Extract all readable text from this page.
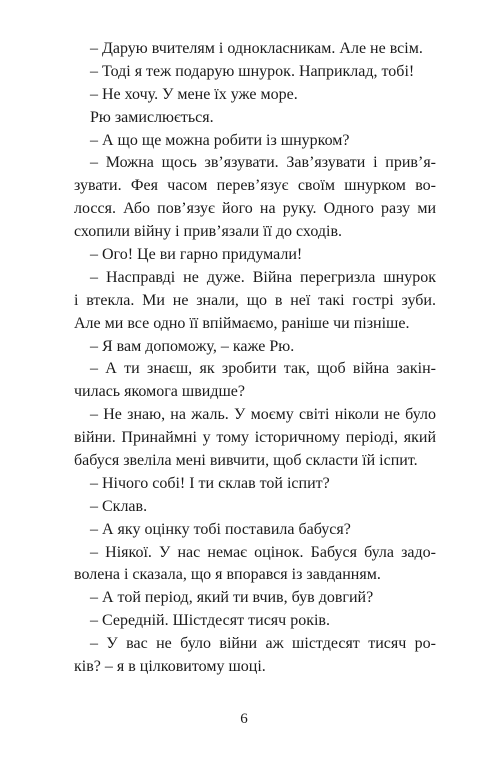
– Дарую вчителям і однокласникам. Але не всім.
– Тоді я теж подарую шнурок. Наприклад, тобі!
– Не хочу. У мене їх уже море.
Рю замислюється.
– А що ще можна робити із шнурком?
– Можна щось зв’язувати. Зав’язувати і прив’я-
зувати. Фея часом перев’язує своїм шнурком во-
лосся. Або пов’язує його на руку. Одного разу ми
схопили війну і прив’язали її до сходів.
– Ого! Це ви гарно придумали!
– Насправді не дуже. Війна перегризла шнурок
і втекла. Ми не знали, що в неї такі гострі зуби.
Але ми все одно її впіймаємо, раніше чи пізніше.
– Я вам допоможу, – каже Рю.
– А ти знаєш, як зробити так, щоб війна закін-
чилась якомога швидше?
– Не знаю, на жаль. У моєму світі ніколи не було
війни. Принаймні у тому історичному періоді, який
бабуся звеліла мені вивчити, щоб скласти їй іспит.
– Нічого собі! І ти склав той іспит?
– Склав.
– А яку оцінку тобі поставила бабуся?
– Ніякої. У нас немає оцінок. Бабуся була задо-
волена і сказала, що я впорався із завданням.
– А той період, який ти вчив, був довгий?
– Середній. Шістдесят тисяч років.
– У вас не було війни аж шістдесят тисяч ро-
ків? – я в цілковитому шоці.
6
